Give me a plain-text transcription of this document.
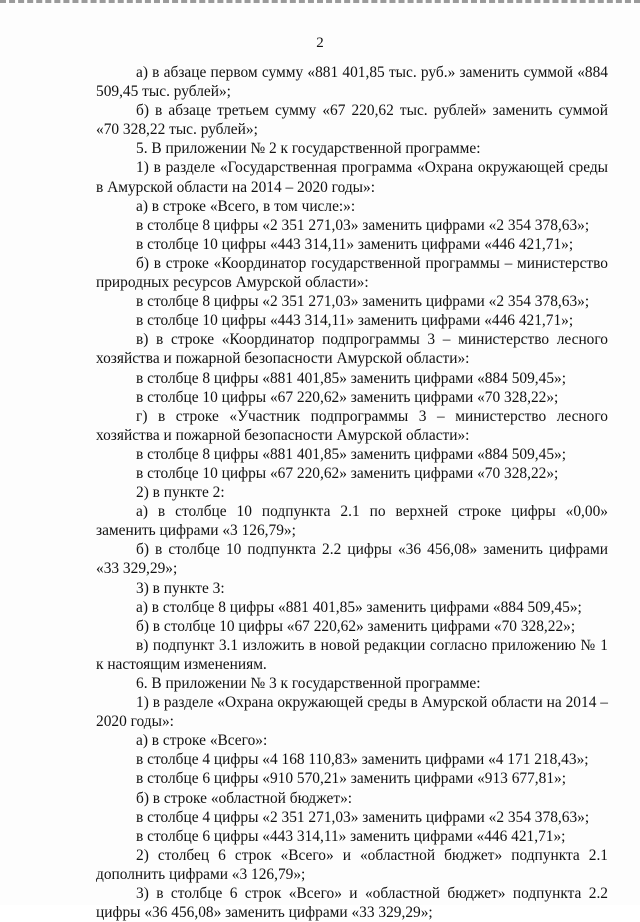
2

а) в абзаце первом сумму «881 401,85 тыс. руб.» заменить суммой «884 509,45 тыс. рублей»;

б) в абзаце третьем сумму «67 220,62 тыс. рублей» заменить суммой «70 328,22 тыс. рублей»;

5. В приложении № 2 к государственной программе:

1) в разделе «Государственная программа «Охрана окружающей среды в Амурской области на 2014 – 2020 годы»:

а) в строке «Всего, в том числе:»:

в столбце 8 цифры «2 351 271,03» заменить цифрами «2 354 378,63»;

в столбце 10 цифры «443 314,11» заменить цифрами «446 421,71»;

б) в строке «Координатор государственной программы – министерство природных ресурсов Амурской области»:

в столбце 8 цифры «2 351 271,03» заменить цифрами «2 354 378,63»;

в столбце 10 цифры «443 314,11» заменить цифрами «446 421,71»;

в) в строке «Координатор подпрограммы 3 – министерство лесного хозяйства и пожарной безопасности Амурской области»:

в столбце 8 цифры «881 401,85» заменить цифрами «884 509,45»;

в столбце 10 цифры «67 220,62» заменить цифрами «70 328,22»;

г) в строке «Участник подпрограммы 3 – министерство лесного хозяйства и пожарной безопасности Амурской области»:

в столбце 8 цифры «881 401,85» заменить цифрами «884 509,45»;

в столбце 10 цифры «67 220,62» заменить цифрами «70 328,22»;

2) в пункте 2:

а) в столбце 10 подпункта 2.1 по верхней строке цифры «0,00» заменить цифрами «3 126,79»;

б) в столбце 10 подпункта 2.2 цифры «36 456,08» заменить цифрами «33 329,29»;

3) в пункте 3:

а) в столбце 8 цифры «881 401,85» заменить цифрами «884 509,45»;

б) в столбце 10 цифры «67 220,62» заменить цифрами «70 328,22»;

в) подпункт 3.1 изложить в новой редакции согласно приложению № 1 к настоящим изменениям.

6. В приложении № 3 к государственной программе:

1) в разделе «Охрана окружающей среды в Амурской области на 2014 – 2020 годы»:

а) в строке «Всего»:

в столбце 4 цифры «4 168 110,83» заменить цифрами «4 171 218,43»;

в столбце 6 цифры «910 570,21» заменить цифрами «913 677,81»;

б) в строке «областной бюджет»:

в столбце 4 цифры «2 351 271,03» заменить цифрами «2 354 378,63»;

в столбце 6 цифры «443 314,11» заменить цифрами «446 421,71»;

2) столбец 6 строк «Всего» и «областной бюджет» подпункта 2.1 дополнить цифрами «3 126,79»;

3) в столбце 6 строк «Всего» и «областной бюджет» подпункта 2.2 цифры «36 456,08» заменить цифрами «33 329,29»;
